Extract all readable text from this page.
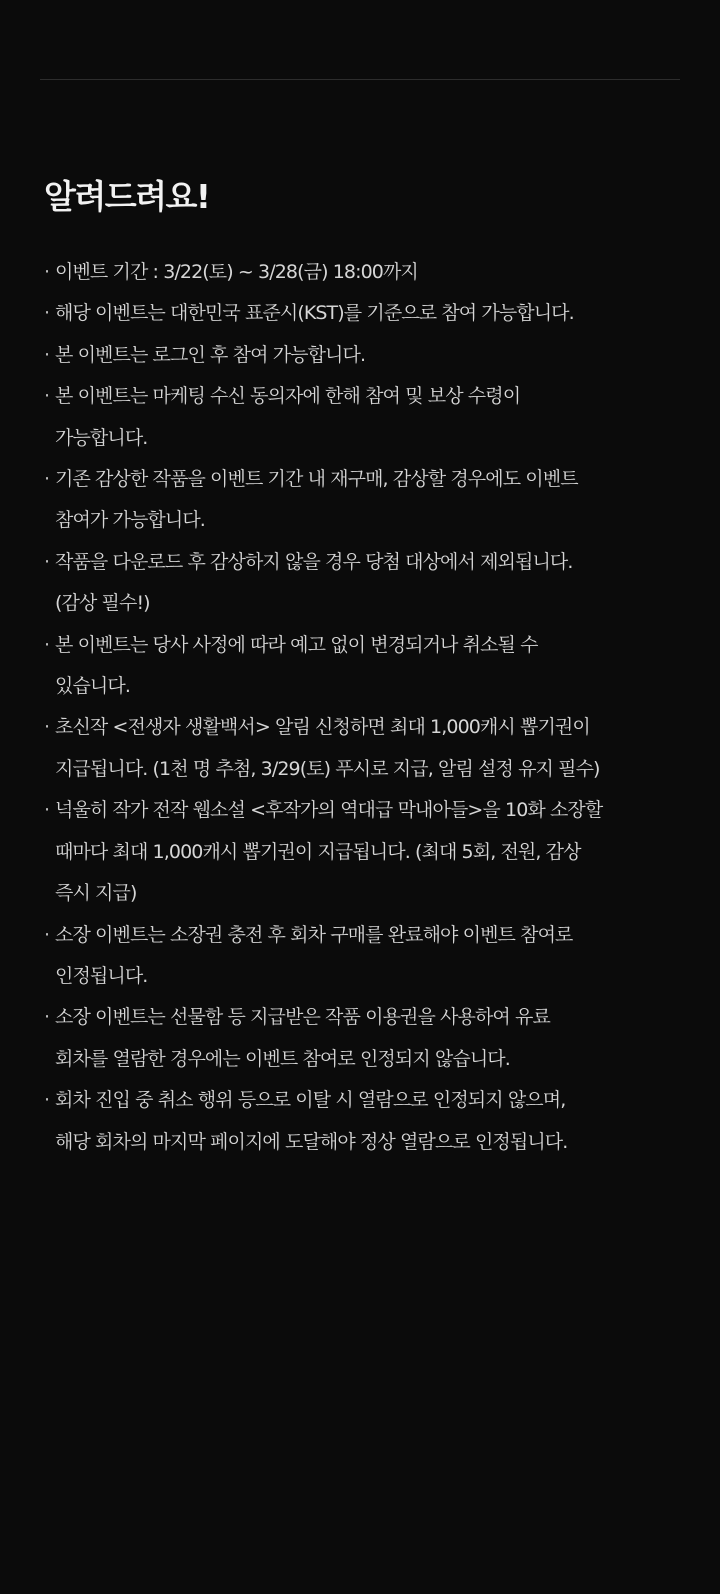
알려드려요!
· 이벤트 기간 : 3/22(토) ~ 3/28(금) 18:00까지
· 해당 이벤트는 대한민국 표준시(KST)를 기준으로 참여 가능합니다.
· 본 이벤트는 로그인 후 참여 가능합니다.
· 본 이벤트는 마케팅 수신 동의자에 한해 참여 및 보상 수령이
가능합니다.
· 기존 감상한 작품을 이벤트 기간 내 재구매, 감상할 경우에도 이벤트
참여가 가능합니다.
· 작품을 다운로드 후 감상하지 않을 경우 당첨 대상에서 제외됩니다.
(감상 필수!)
· 본 이벤트는 당사 사정에 따라 예고 없이 변경되거나 취소될 수
있습니다.
· 초신작 <전생자 생활백서> 알림 신청하면 최대 1,000캐시 뽑기권이
지급됩니다. (1천 명 추첨, 3/29(토) 푸시로 지급, 알림 설정 유지 필수)
· 넉울히 작가 전작 웹소설 <후작가의 역대급 막내아들>을 10화 소장할
때마다 최대 1,000캐시 뽑기권이 지급됩니다. (최대 5회, 전원, 감상
즉시 지급)
· 소장 이벤트는 소장권 충전 후 회차 구매를 완료해야 이벤트 참여로
인정됩니다.
· 소장 이벤트는 선물함 등 지급받은 작품 이용권을 사용하여 유료
회차를 열람한 경우에는 이벤트 참여로 인정되지 않습니다.
· 회차 진입 중 취소 행위 등으로 이탈 시 열람으로 인정되지 않으며,
해당 회차의 마지막 페이지에 도달해야 정상 열람으로 인정됩니다.
